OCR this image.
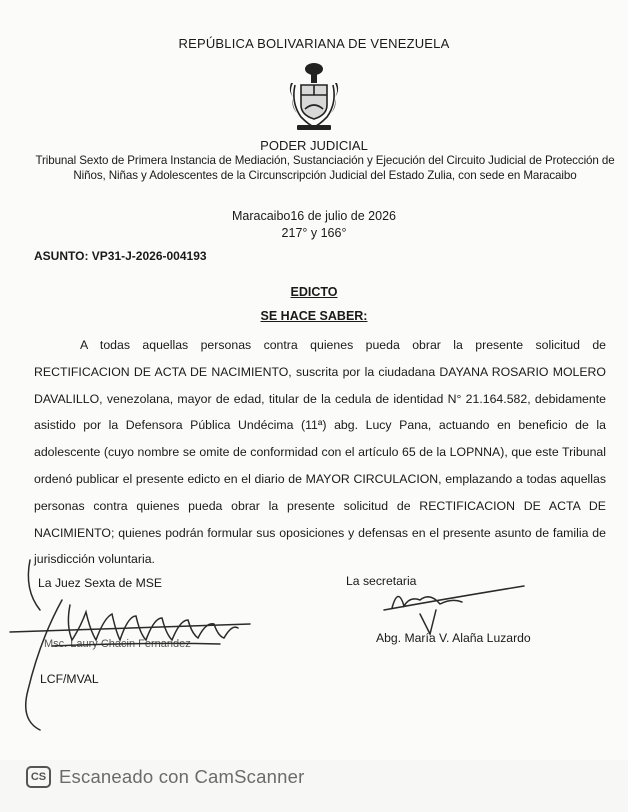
REPÚBLICA BOLIVARIANA DE VENEZUELA
PODER JUDICIAL
Tribunal Sexto de Primera Instancia de Mediación, Sustanciación y Ejecución del Circuito Judicial de Protección de Niños, Niñas y Adolescentes de la Circunscripción Judicial del Estado Zulia, con sede en Maracaibo
Maracaibo16 de julio de 2026
217° y 166°
ASUNTO: VP31-J-2026-004193
EDICTO
SE HACE SABER:
A todas aquellas personas contra quienes pueda obrar la presente solicitud de RECTIFICACION DE ACTA DE NACIMIENTO, suscrita por la ciudadana DAYANA ROSARIO MOLERO DAVALILLO, venezolana, mayor de edad, titular de la cedula de identidad N° 21.164.582, debidamente asistido por la Defensora Pública Undécima (11ª) abg. Lucy Pana, actuando en beneficio de la adolescente (cuyo nombre se omite de conformidad con el artículo 65 de la LOPNNA), que este Tribunal ordenó publicar el presente edicto en el diario de MAYOR CIRCULACION, emplazando a todas aquellas personas contra quienes pueda obrar la presente solicitud de RECTIFICACION DE ACTA DE NACIMIENTO; quienes podrán formular sus oposiciones y defensas en el presente asunto de familia de jurisdicción voluntaria.
La Juez Sexta de MSE
Msc. Laury Chacin Fernandez
La secretaria
Abg. María V. Alaña Luzardo
LCF/MVAL
CS Escaneado con CamScanner
